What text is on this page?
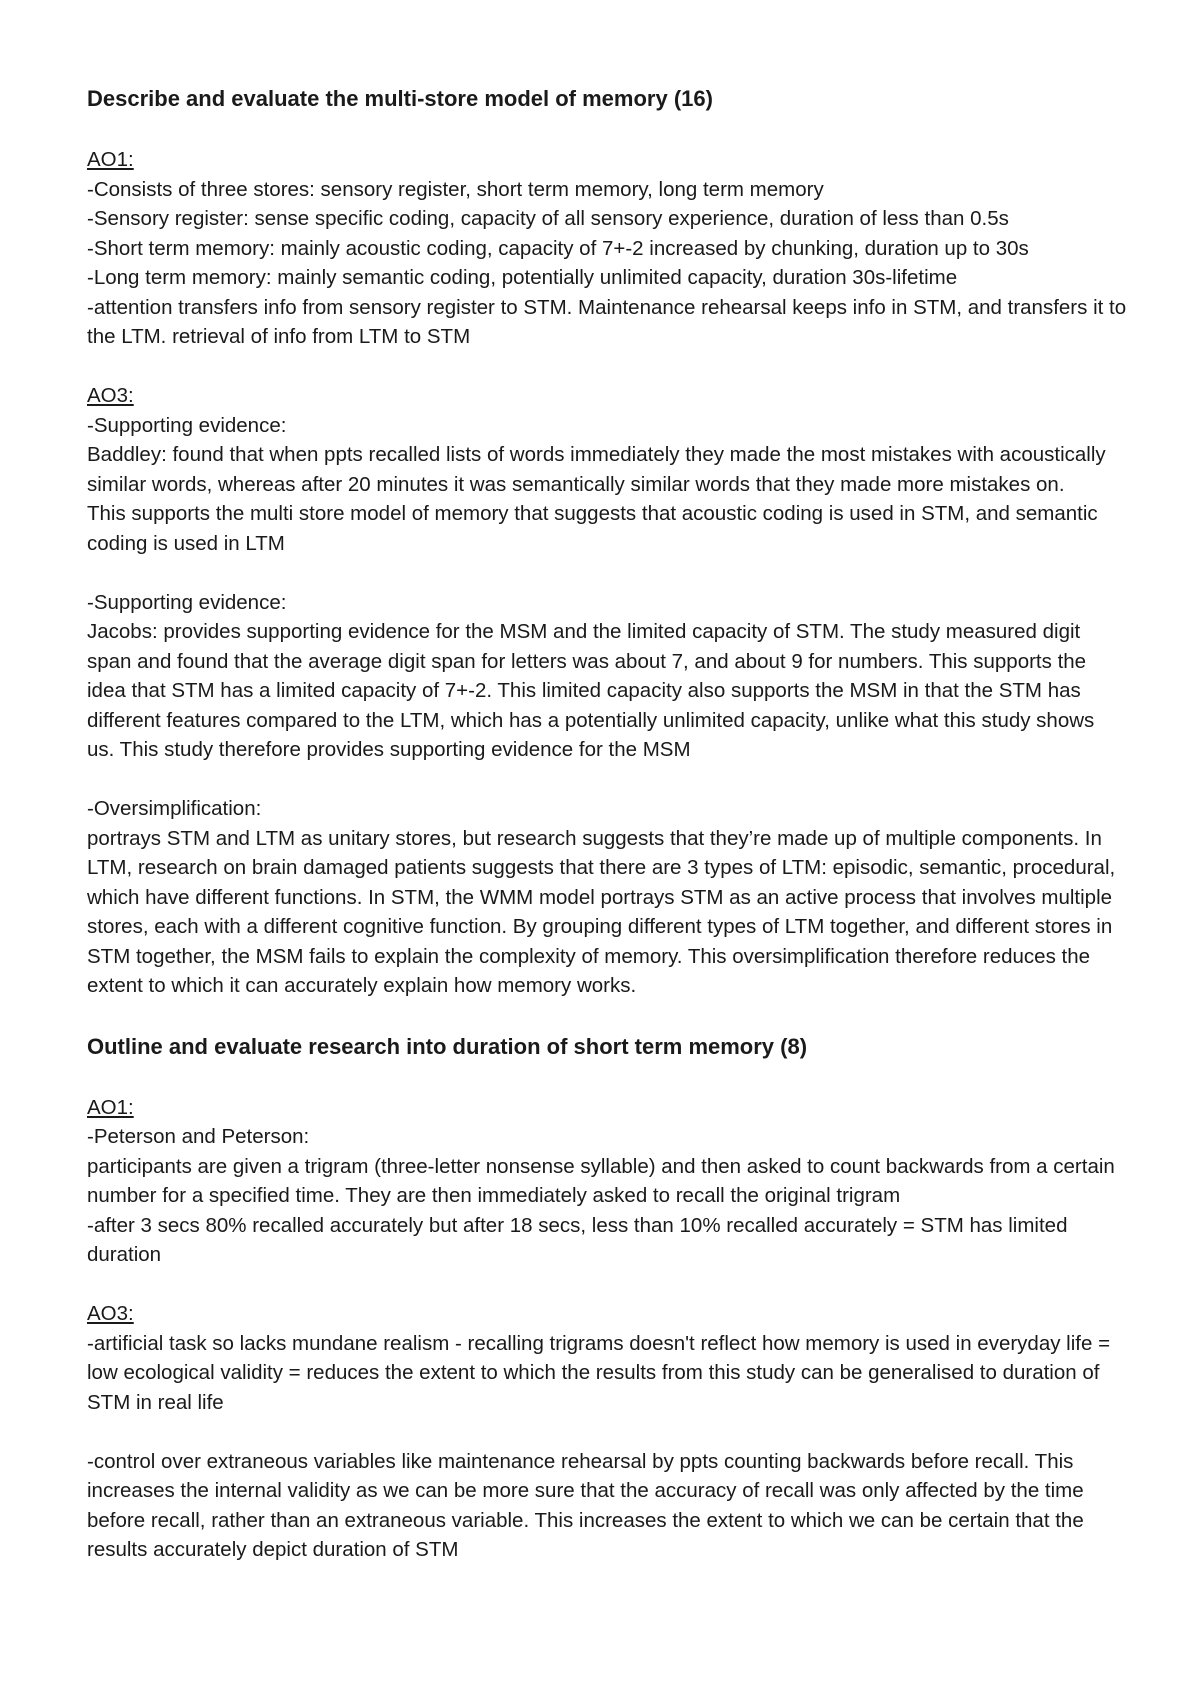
Describe and evaluate the multi-store model of memory (16)

AO1:

-Consists of three stores: sensory register, short term memory, long term memory

-Sensory register: sense specific coding, capacity of all sensory experience, duration of less than 0.5s

-Short term memory: mainly acoustic coding, capacity of 7+-2 increased by chunking, duration up to 30s

-Long term memory: mainly semantic coding, potentially unlimited capacity, duration 30s-lifetime

-attention transfers info from sensory register to STM. Maintenance rehearsal keeps info in STM, and transfers it to the LTM. retrieval of info from LTM to STM

AO3:

-Supporting evidence:

Baddley: found that when ppts recalled lists of words immediately they made the most mistakes with acoustically similar words, whereas after 20 minutes it was semantically similar words that they made more mistakes on.

This supports the multi store model of memory that suggests that acoustic coding is used in STM, and semantic coding is used in LTM

-Supporting evidence:

Jacobs: provides supporting evidence for the MSM and the limited capacity of STM. The study measured digit span and found that the average digit span for letters was about 7, and about 9 for numbers. This supports the idea that STM has a limited capacity of 7+-2. This limited capacity also supports the MSM in that the STM has different features compared to the LTM, which has a potentially unlimited capacity, unlike what this study shows us. This study therefore provides supporting evidence for the MSM

-Oversimplification:

portrays STM and LTM as unitary stores, but research suggests that they’re made up of multiple components. In LTM, research on brain damaged patients suggests that there are 3 types of LTM: episodic, semantic, procedural, which have different functions. In STM, the WMM model portrays STM as an active process that involves multiple stores, each with a different cognitive function. By grouping different types of LTM together, and different stores in STM together, the MSM fails to explain the complexity of memory. This oversimplification therefore reduces the extent to which it can accurately explain how memory works.

Outline and evaluate research into duration of short term memory (8)

AO1:

-Peterson and Peterson:

participants are given a trigram (three-letter nonsense syllable) and then asked to count backwards from a certain number for a specified time. They are then immediately asked to recall the original trigram

-after 3 secs 80% recalled accurately but after 18 secs, less than 10% recalled accurately = STM has limited duration

AO3:

-artificial task so lacks mundane realism - recalling trigrams doesn't reflect how memory is used in everyday life = low ecological validity = reduces the extent to which the results from this study can be generalised to duration of STM in real life

-control over extraneous variables like maintenance rehearsal by ppts counting backwards before recall. This increases the internal validity as we can be more sure that the accuracy of recall was only affected by the time before recall, rather than an extraneous variable. This increases the extent to which we can be certain that the results accurately depict duration of STM
